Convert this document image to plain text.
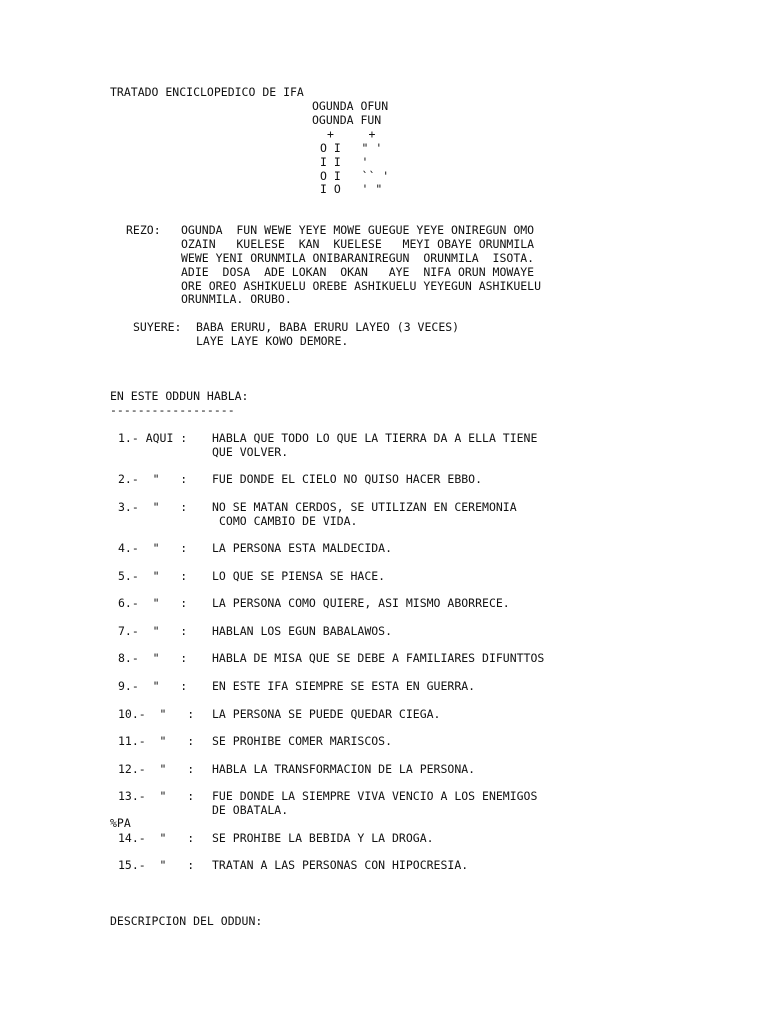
TRATADO ENCICLOPEDICO DE IFA
OGUNDA OFUN
OGUNDA FUN
+     +
O I   " '
I I   '
O I   `` '
I O   ' "
REZO: OGUNDA  FUN WEWE YEYE MOWE GUEGUE YEYE ONIREGUN OMO
OZAIN   KUELESE  KAN  KUELESE   MEYI OBAYE ORUNMILA
WEWE YENI ORUNMILA ONIBARANIREGUN  ORUNMILA  ISOTA.
ADIE  DOSA  ADE LOKAN  OKAN   AYE  NIFA ORUN MOWAYE
ORE OREO ASHIKUELU OREBE ASHIKUELU YEYEGUN ASHIKUELU
ORUNMILA. ORUBO.
SUYERE: BABA ERURU, BABA ERURU LAYEO (3 VECES)
LAYE LAYE KOWO DEMORE.
EN ESTE ODDUN HABLA:
------------------
1.- AQUI : HABLA QUE TODO LO QUE LA TIERRA DA A ELLA TIENE
QUE VOLVER.
2.-  "   : FUE DONDE EL CIELO NO QUISO HACER EBBO.
3.-  "   : NO SE MATAN CERDOS, SE UTILIZAN EN CEREMONIA
COMO CAMBIO DE VIDA.
4.-  "   : LA PERSONA ESTA MALDECIDA.
5.-  "   : LO QUE SE PIENSA SE HACE.
6.-  "   : LA PERSONA COMO QUIERE, ASI MISMO ABORRECE.
7.-  "   : HABLAN LOS EGUN BABALAWOS.
8.-  "   : HABLA DE MISA QUE SE DEBE A FAMILIARES DIFUNTTOS
9.-  "   : EN ESTE IFA SIEMPRE SE ESTA EN GUERRA.
10.-  "   : LA PERSONA SE PUEDE QUEDAR CIEGA.
11.-  "   : SE PROHIBE COMER MARISCOS.
12.-  "   : HABLA LA TRANSFORMACION DE LA PERSONA.
13.-  "   : FUE DONDE LA SIEMPRE VIVA VENCIO A LOS ENEMIGOS
DE OBATALA.
%PA
14.-  "   : SE PROHIBE LA BEBIDA Y LA DROGA.
15.-  "   : TRATAN A LAS PERSONAS CON HIPOCRESIA.
DESCRIPCION DEL ODDUN:
